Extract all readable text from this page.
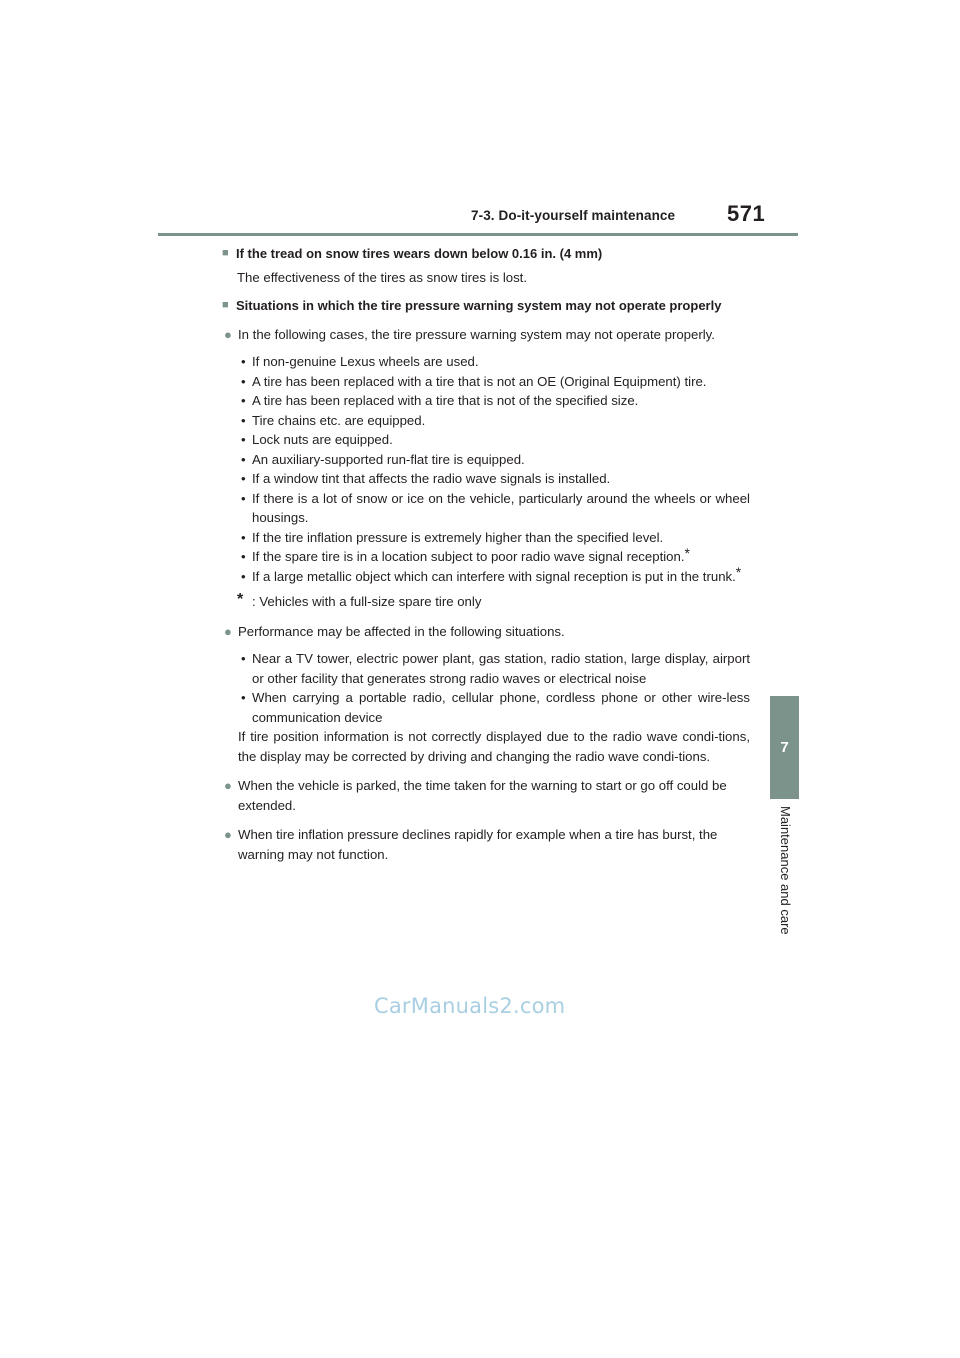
7-3. Do-it-yourself maintenance	571
7
Maintenance and care
■ If the tread on snow tires wears down below 0.16 in. (4 mm)

The effectiveness of the tires as snow tires is lost.

■ Situations in which the tire pressure warning system may not operate properly
● In the following cases, the tire pressure warning system may not operate properly.
• If non-genuine Lexus wheels are used.
• A tire has been replaced with a tire that is not an OE (Original Equipment) tire.
• A tire has been replaced with a tire that is not of the specified size.
• Tire chains etc. are equipped.
• Lock nuts are equipped.
• An auxiliary-supported run-flat tire is equipped.
• If a window tint that affects the radio wave signals is installed.
• If there is a lot of snow or ice on the vehicle, particularly around the wheels or wheel housings.
• If the tire inflation pressure is extremely higher than the specified level.
• If the spare tire is in a location subject to poor radio wave signal reception.*
• If a large metallic object which can interfere with signal reception is put in the trunk.*
* : Vehicles with a full-size spare tire only
● Performance may be affected in the following situations.
• Near a TV tower, electric power plant, gas station, radio station, large display, airport or other facility that generates strong radio waves or electrical noise
• When carrying a portable radio, cellular phone, cordless phone or other wire-less communication device

If tire position information is not correctly displayed due to the radio wave condi-tions, the display may be corrected by driving and changing the radio wave condi-tions.

● When the vehicle is parked, the time taken for the warning to start or go off could be extended.
● When tire inflation pressure declines rapidly for example when a tire has burst, the warning may not function.
CarManuals2.com
